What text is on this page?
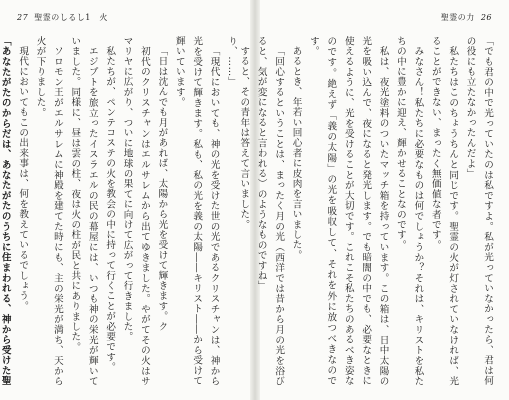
27 聖霊のしるし1　火

り、……」

「現代においても、神の光を受けた世の光であるクリスチャンは、神から光を受けて輝きます。私も、私の光を義の太陽――キリスト――から受けて輝いています。

「日は沈んでも月があれば、太陽から光を受けて輝きます。ク

初代のクリスチャンはエルサレムから出てゆきました。やがてその火はサマリヤに広がり、ついに地球の果てに向けて広がって行きました。

私たちが、ペンテコステの火を教会の中に持って行くことが必要です。

エジプトを旅立ったイスラエルの民の幕屋には、いつも神の栄光が輝いていました。同様に、昼は雲の柱、夜は火の柱が民と共にありました。

ソロモン王がエルサレムに神殿を建てた時にも、主の栄光が満ち、天から火が下りました。

現代においてもこの出来事は、何を教えているでしょう。

「あなたがたのからだは、あなたがたのうちに住まわれる、神から受けた聖

聖霊の力 26

「でも君の中で光っていたのは私ですよ。私が光っていなかったら、君は何の役にも立たなかったんだよ」

私たちはこのちょうちんと同じです。聖霊の火が灯されていなければ、光ることができない、まったく無価値な者です。

みなさん！私たちに必要なものは何でしょうか？それは、キリストを私たちの中に豊かに迎え、輝かせることなのです。

私は、夜光塗料のついたマッチ箱を持っています。この箱は、日中太陽の光を吸い込んで、夜になると発光します。でも暗闇の中でも、必要なときに使えるように、光を受けることが大切です。これこそ私たちのあるべき姿なのです。絶えず「義の太陽」の光を吸収して、それを外に放つべきなのです。

あるとき、年若い回心者に皮肉を言いました。

「回心するということは、まったく月の光（西洋では昔から月の光を浴びると、気が変になると言われる）のようなものですね」

すると、その青年は答えて言いました。
